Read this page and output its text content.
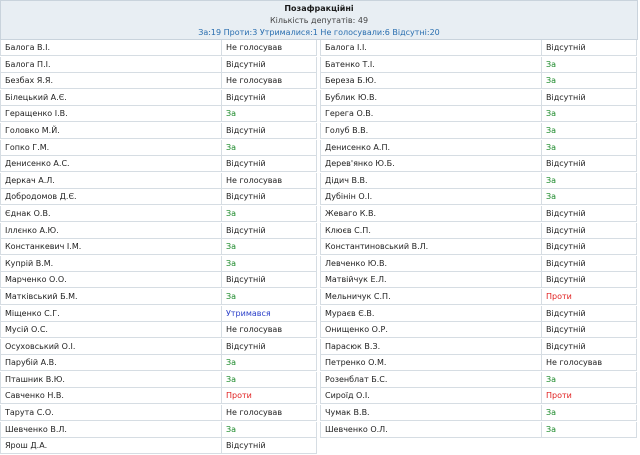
Позафракційні
Кількість депутатів: 49
За:19 Проти:3 Утрималися:1 Не голосували:6 Відсутні:20
Балога В.І.	Не голосував
Балога П.І.	Відсутній
Безбах Я.Я.	Не голосував
Білецький А.Є.	Відсутній
Геращенко І.В.	За
Головко М.Й.	Відсутній
Гопко Г.М.	За
Денисенко А.С.	Відсутній
Деркач А.Л.	Не голосував
Добродомов Д.Є.	Відсутній
Єднак О.В.	За
Іллєнко А.Ю.	Відсутній
Констанкевич І.М.	За
Купрій В.М.	За
Марченко О.О.	Відсутній
Матківський Б.М.	За
Міщенко С.Г.	Утримався
Мусій О.С.	Не голосував
Осуховський О.І.	Відсутній
Парубій А.В.	За
Пташник В.Ю.	За
Савченко Н.В.	Проти
Тарута С.О.	Не голосував
Шевченко В.Л.	За
Ярош Д.А.	Відсутній
Балога І.І.	Відсутній
Батенко Т.І.	За
Береза Б.Ю.	За
Бублик Ю.В.	Відсутній
Герега О.В.	За
Голуб В.В.	За
Денисенко А.П.	За
Дерев'янко Ю.Б.	Відсутній
Дідич В.В.	За
Дубінін О.І.	За
Жеваго К.В.	Відсутній
Клюєв С.П.	Відсутній
Константиновський В.Л.	Відсутній
Левченко Ю.В.	Відсутній
Матвійчук Е.Л.	Відсутній
Мельничук С.П.	Проти
Мураєв Є.В.	Відсутній
Онищенко О.Р.	Відсутній
Парасюк В.З.	Відсутній
Петренко О.М.	Не голосував
Розенблат Б.С.	За
Сироїд О.І.	Проти
Чумак В.В.	За
Шевченко О.Л.	За
